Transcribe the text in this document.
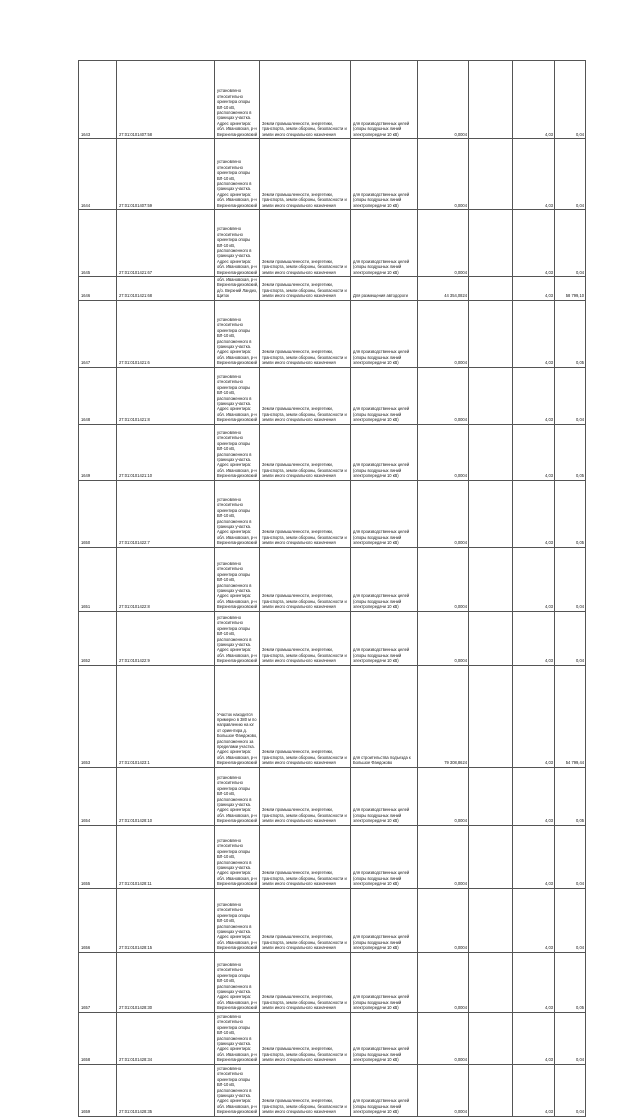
1643	27:01:0101407:58	установлено относительно ориентира опоры ВЛ-10 кВ, расположенного в границах участка. Адрес ориентира: обл. Ивановская, р-н Верхнеландеховский	Земли промышленности, энергетики, транспорта, земли обороны, безопасности и земли иного специального назначения	для производственных целей (опоры воздушных линий электропередачи 10 кВ)	0,0004		4,03	0,04
1644	27:01:0101407:59	установлено относительно ориентира опоры ВЛ-10 кВ, расположенного в границах участка. Адрес ориентира: обл. Ивановская, р-н Верхнеландеховский	Земли промышленности, энергетики, транспорта, земли обороны, безопасности и земли иного специального назначения	для производственных целей (опоры воздушных линий электропередачи 10 кВ)	0,0004		4,03	0,04
1645	27:01:0101421:67	установлено относительно ориентира опоры ВЛ-10 кВ, расположенного в границах участка. Адрес ориентира: обл. Ивановская, р-н Верхнеландеховский	Земли промышленности, энергетики, транспорта, земли обороны, безопасности и земли иного специального назначения	для производственных целей (опоры воздушных линий электропередачи 10 кВ)	0,0004		4,03	0,04
1646	27:01:0101421:68	обл. Ивановская, р-н Верхнеландеховский, д/о. Верхний Ландех, Щиток	Земли промышленности, энергетики, транспорта, земли обороны, безопасности и земли иного специального назначения	Для размещения автодороги	44 354,0824		4,03	58 799,10
1647	27:01:0101421:6	установлено относительно ориентира опоры ВЛ-10 кВ, расположенного в границах участка. Адрес ориентира: обл. Ивановская, р-н Верхнеландеховский	Земли промышленности, энергетики, транспорта, земли обороны, безопасности и земли иного специального назначения	для производственных целей (опоры воздушных линий электропередачи 10 кВ)	0,0004		4,03	0,05
1648	27:01:0101421:8	установлено относительно ориентира опоры ВЛ-10 кВ, расположенного в границах участка. Адрес ориентира: обл. Ивановская, р-н Верхнеландеховский	Земли промышленности, энергетики, транспорта, земли обороны, безопасности и земли иного специального назначения	для производственных целей (опоры воздушных линий электропередачи 10 кВ)	0,0004		4,03	0,04
1649	27:01:0101421:10	установлено относительно ориентира опоры ВЛ-10 кВ, расположенного в границах участка. Адрес ориентира: обл. Ивановская, р-н Верхнеландеховский	Земли промышленности, энергетики, транспорта, земли обороны, безопасности и земли иного специального назначения	для производственных целей (опоры воздушных линий электропередачи 10 кВ)	0,0004		4,03	0,05
1650	27:01:0101422:7	установлено относительно ориентира опоры ВЛ-10 кВ, расположенного в границах участка. Адрес ориентира: обл. Ивановская, р-н Верхнеландеховский	Земли промышленности, энергетики, транспорта, земли обороны, безопасности и земли иного специального назначения	для производственных целей (опоры воздушных линий электропередачи 10 кВ)	0,0004		4,03	0,05
1651	27:01:0101422:8	установлено относительно ориентира опоры ВЛ-10 кВ, расположенного в границах участка. Адрес ориентира: обл. Ивановская, р-н Верхнеландеховский	Земли промышленности, энергетики, транспорта, земли обороны, безопасности и земли иного специального назначения	для производственных целей (опоры воздушных линий электропередачи 10 кВ)	0,0004		4,03	0,04
1652	27:01:0101422:9	установлено относительно ориентира опоры ВЛ-10 кВ, расположенного в границах участка. Адрес ориентира: обл. Ивановская, р-н Верхнеландеховский	Земли промышленности, энергетики, транспорта, земли обороны, безопасности и земли иного специального назначения	для производственных целей (опоры воздушных линий электропередачи 10 кВ)	0,0004		4,03	0,04
1653	27:01:0101423:1	Участок находится примерно в 380 м по направлению на юг от ориентира д. Большое Фандоково, расположенного за пределами участка. Адрес ориентира: обл. Ивановская, р-н Верхнеландеховский	Земли промышленности, энергетики, транспорта, земли обороны, безопасности и земли иного специального назначения	для строительства подъезда к Большое Фандоково	79 308,8624		4,03	54 799,44
1654	27:01:0101428:10	установлено относительно ориентира опоры ВЛ-10 кВ, расположенного в границах участка. Адрес ориентира: обл. Ивановская, р-н Верхнеландеховский	Земли промышленности, энергетики, транспорта, земли обороны, безопасности и земли иного специального назначения	для производственных целей (опоры воздушных линий электропередачи 10 кВ)	0,0004		4,03	0,05
1655	27:01:0101428:11	установлено относительно ориентира опоры ВЛ-10 кВ, расположенного в границах участка. Адрес ориентира: обл. Ивановская, р-н Верхнеландеховский	Земли промышленности, энергетики, транспорта, земли обороны, безопасности и земли иного специального назначения	для производственных целей (опоры воздушных линий электропередачи 10 кВ)	0,0004		4,03	0,04
1656	27:01:0101428:15	установлено относительно ориентира опоры ВЛ-10 кВ, расположенного в границах участка. Адрес ориентира: обл. Ивановская, р-н Верхнеландеховский	Земли промышленности, энергетики, транспорта, земли обороны, безопасности и земли иного специального назначения	для производственных целей (опоры воздушных линий электропередачи 10 кВ)	0,0004		4,03	0,04
1657	27:01:0101428:30	установлено относительно ориентира опоры ВЛ-10 кВ, расположенного в границах участка. Адрес ориентира: обл. Ивановская, р-н Верхнеландеховский	Земли промышленности, энергетики, транспорта, земли обороны, безопасности и земли иного специального назначения	для производственных целей (опоры воздушных линий электропередачи 10 кВ)	0,0004		4,03	0,05
1658	27:01:0101428:34	установлено относительно ориентира опоры ВЛ-10 кВ, расположенного в границах участка. Адрес ориентира: обл. Ивановская, р-н Верхнеландеховский	Земли промышленности, энергетики, транспорта, земли обороны, безопасности и земли иного специального назначения	для производственных целей (опоры воздушных линий электропередачи 10 кВ)	0,0004		4,03	0,04
1659	27:01:0101428:35	установлено относительно ориентира опоры ВЛ-10 кВ, расположенного в границах участка. Адрес ориентира: обл. Ивановская, р-н Верхнеландеховский	Земли промышленности, энергетики, транспорта, земли обороны, безопасности и земли иного специального назначения	для производственных целей (опоры воздушных линий электропередачи 10 кВ)	0,0004		4,03	0,04
